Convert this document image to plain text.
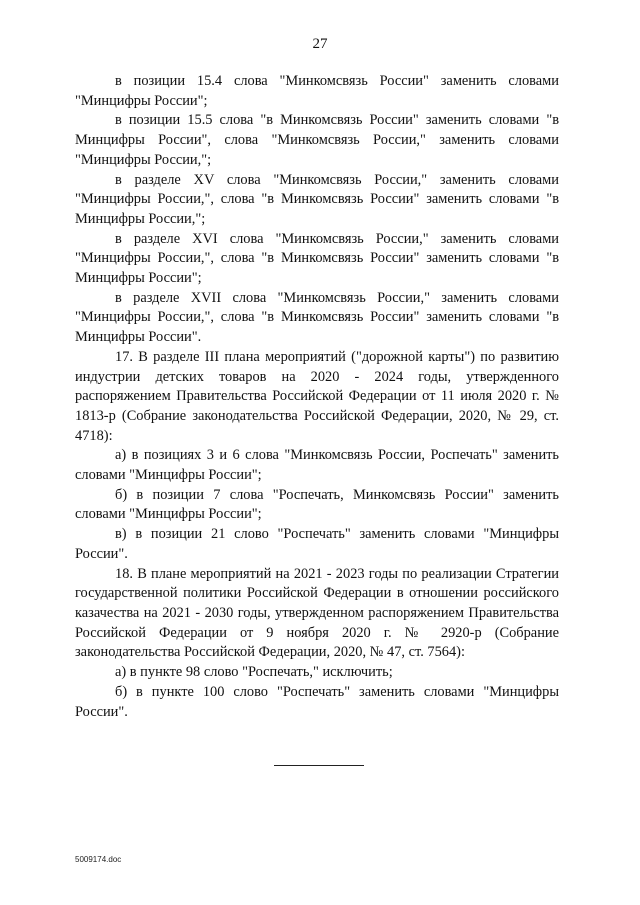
27

в позиции 15.4 слова "Минкомсвязь России" заменить словами "Минцифры России";

в позиции 15.5 слова "в Минкомсвязь России" заменить словами "в Минцифры России", слова "Минкомсвязь России," заменить словами "Минцифры России,";

в разделе XV слова "Минкомсвязь России," заменить словами "Минцифры России,", слова "в Минкомсвязь России" заменить словами "в Минцифры России,";

в разделе XVI слова "Минкомсвязь России," заменить словами "Минцифры России,", слова "в Минкомсвязь России" заменить словами "в Минцифры России";

в разделе XVII слова "Минкомсвязь России," заменить словами "Минцифры России,", слова "в Минкомсвязь России" заменить словами "в Минцифры России".

17. В разделе III плана мероприятий ("дорожной карты") по развитию индустрии детских товаров на 2020 - 2024 годы, утвержденного распоряжением Правительства Российской Федерации от 11 июля 2020 г. № 1813-р (Собрание законодательства Российской Федерации, 2020, № 29, ст. 4718):

а) в позициях 3 и 6 слова "Минкомсвязь России, Роспечать" заменить словами "Минцифры России";

б) в позиции 7 слова "Роспечать, Минкомсвязь России" заменить словами "Минцифры России";

в) в позиции 21 слово "Роспечать" заменить словами "Минцифры России".

18. В плане мероприятий на 2021 - 2023 годы по реализации Стратегии государственной политики Российской Федерации в отношении российского казачества на 2021 - 2030 годы, утвержденном распоряжением Правительства Российской Федерации от 9 ноября 2020 г. № 2920-р (Собрание законодательства Российской Федерации, 2020, № 47, ст. 7564):

а) в пункте 98 слово "Роспечать," исключить;

б) в пункте 100 слово "Роспечать" заменить словами "Минцифры России".

5009174.doc
